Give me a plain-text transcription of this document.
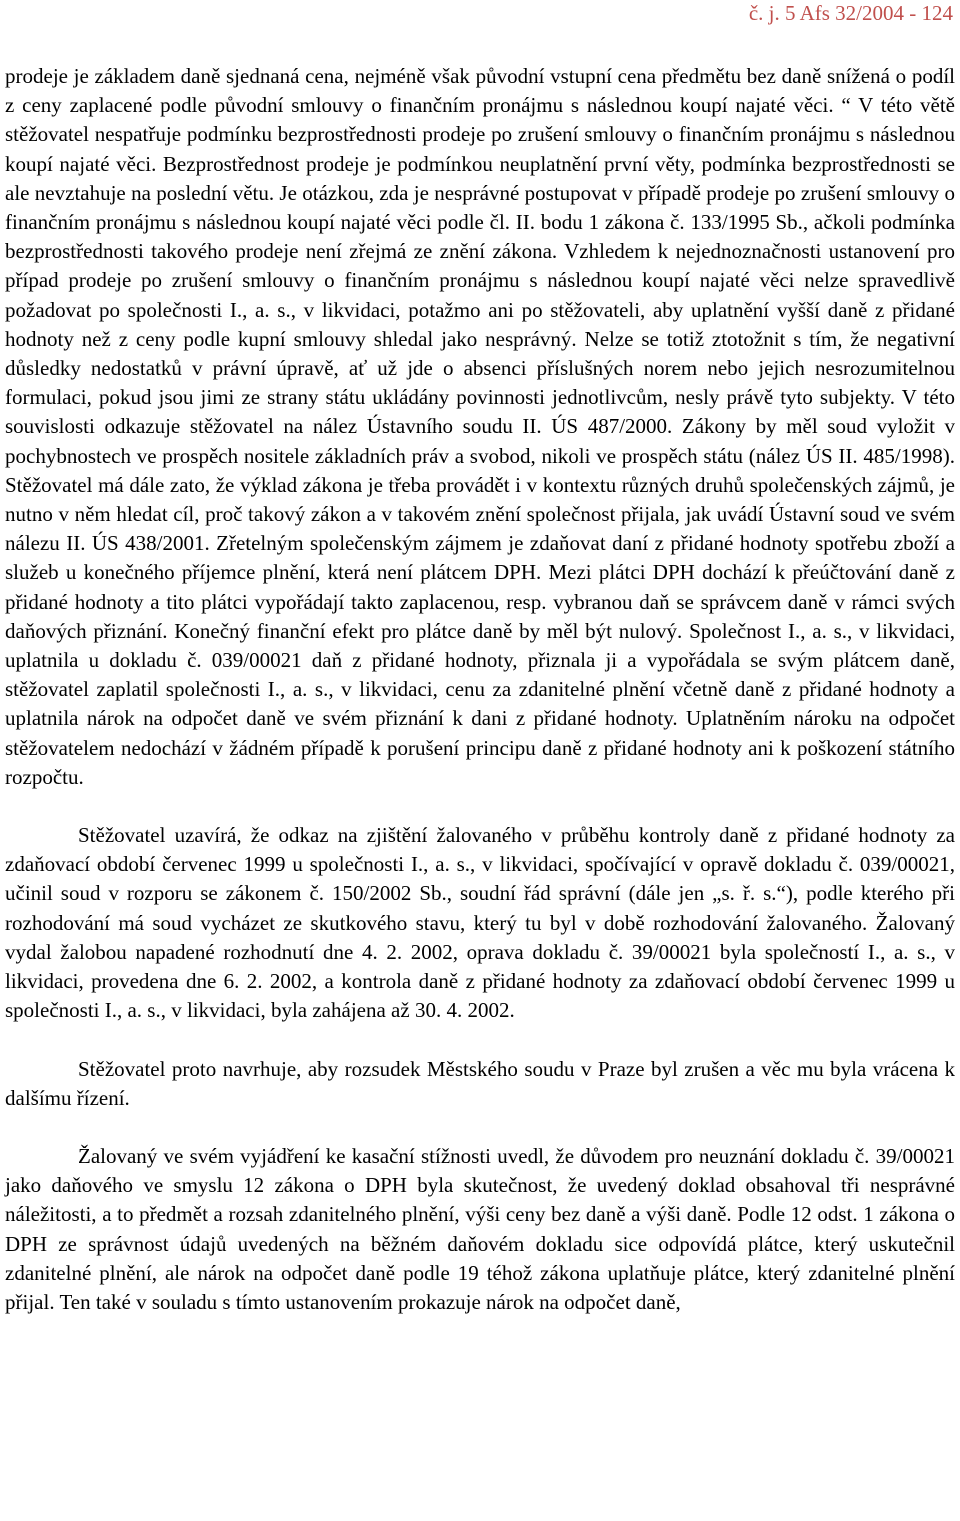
č. j. 5 Afs 32/2004 - 124

prodeje je základem daně sjednaná cena, nejméně však původní vstupní cena předmětu bez daně snížená o podíl z ceny zaplacené podle původní smlouvy o finančním pronájmu s následnou koupí najaté věci. “ V této větě stěžovatel nespatřuje podmínku bezprostřednosti prodeje po zrušení smlouvy o finančním pronájmu s následnou koupí najaté věci. Bezprostřednost prodeje je podmínkou neuplatnění první věty, podmínka bezprostřednosti se ale nevztahuje na poslední větu. Je otázkou, zda je nesprávné postupovat v případě prodeje po zrušení smlouvy o finančním pronájmu s následnou koupí najaté věci podle čl. II. bodu 1 zákona č. 133/1995 Sb., ačkoli podmínka bezprostřednosti takového prodeje není zřejmá ze znění zákona. Vzhledem k nejednoznačnosti ustanovení pro případ prodeje po zrušení smlouvy o finančním pronájmu s následnou koupí najaté věci nelze spravedlivě požadovat po společnosti I., a. s., v likvidaci, potažmo ani po stěžovateli, aby uplatnění vyšší daně z přidané hodnoty než z ceny podle kupní smlouvy shledal jako nesprávný. Nelze se totiž ztotožnit s tím, že negativní důsledky nedostatků v právní úpravě, ať už jde o absenci příslušných norem nebo jejich nesrozumitelnou formulaci, pokud jsou jimi ze strany státu ukládány povinnosti jednotlivcům, nesly právě tyto subjekty. V této souvislosti odkazuje stěžovatel na nález Ústavního soudu II. ÚS 487/2000. Zákony by měl soud vyložit v pochybnostech ve prospěch nositele základních práv a svobod, nikoli ve prospěch státu (nález ÚS II. 485/1998). Stěžovatel má dále zato, že výklad zákona je třeba provádět i v kontextu různých druhů společenských zájmů, je nutno v něm hledat cíl, proč takový zákon a v takovém znění společnost přijala, jak uvádí Ústavní soud ve svém nálezu II. ÚS 438/2001. Zřetelným společenským zájmem je zdaňovat daní z přidané hodnoty spotřebu zboží a služeb u konečného příjemce plnění, která není plátcem DPH. Mezi plátci DPH dochází k přeúčtování daně z přidané hodnoty a tito plátci vypořádají takto zaplacenou, resp. vybranou daň se správcem daně v rámci svých daňových přiznání. Konečný finanční efekt pro plátce daně by měl být nulový. Společnost I., a. s., v likvidaci, uplatnila u dokladu č. 039/00021 daň z přidané hodnoty, přiznala ji a vypořádala se svým plátcem daně, stěžovatel zaplatil společnosti I., a. s., v likvidaci, cenu za zdanitelné plnění včetně daně z přidané hodnoty a uplatnila nárok na odpočet daně ve svém přiznání k dani z přidané hodnoty. Uplatněním nároku na odpočet stěžovatelem nedochází v žádném případě k porušení principu daně z přidané hodnoty ani k poškození státního rozpočtu.

Stěžovatel uzavírá, že odkaz na zjištění žalovaného v průběhu kontroly daně z přidané hodnoty za zdaňovací období červenec 1999 u společnosti I., a. s., v likvidaci, spočívající v opravě dokladu č. 039/00021, učinil soud v rozporu se zákonem č. 150/2002 Sb., soudní řád správní (dále jen „s. ř. s.“), podle kterého při rozhodování má soud vycházet ze skutkového stavu, který tu byl v době rozhodování žalovaného. Žalovaný vydal žalobou napadené rozhodnutí dne 4. 2. 2002, oprava dokladu č. 39/00021 byla společností I., a. s., v likvidaci, provedena dne 6. 2. 2002, a kontrola daně z přidané hodnoty za zdaňovací období červenec 1999 u společnosti I., a. s., v likvidaci, byla zahájena až 30. 4. 2002.

Stěžovatel proto navrhuje, aby rozsudek Městského soudu v Praze byl zrušen a věc mu byla vrácena k dalšímu řízení.

Žalovaný ve svém vyjádření ke kasační stížnosti uvedl, že důvodem pro neuznání dokladu č. 39/00021 jako daňového ve smyslu 12 zákona o DPH byla skutečnost, že uvedený doklad obsahoval tři nesprávné náležitosti, a to předmět a rozsah zdanitelného plnění, výši ceny bez daně a výši daně. Podle 12 odst. 1 zákona o DPH ze správnost údajů uvedených na běžném daňovém dokladu sice odpovídá plátce, který uskutečnil zdanitelné plnění, ale nárok na odpočet daně podle 19 téhož zákona uplatňuje plátce, který zdanitelné plnění přijal. Ten také v souladu s tímto ustanovením prokazuje nárok na odpočet daně,
